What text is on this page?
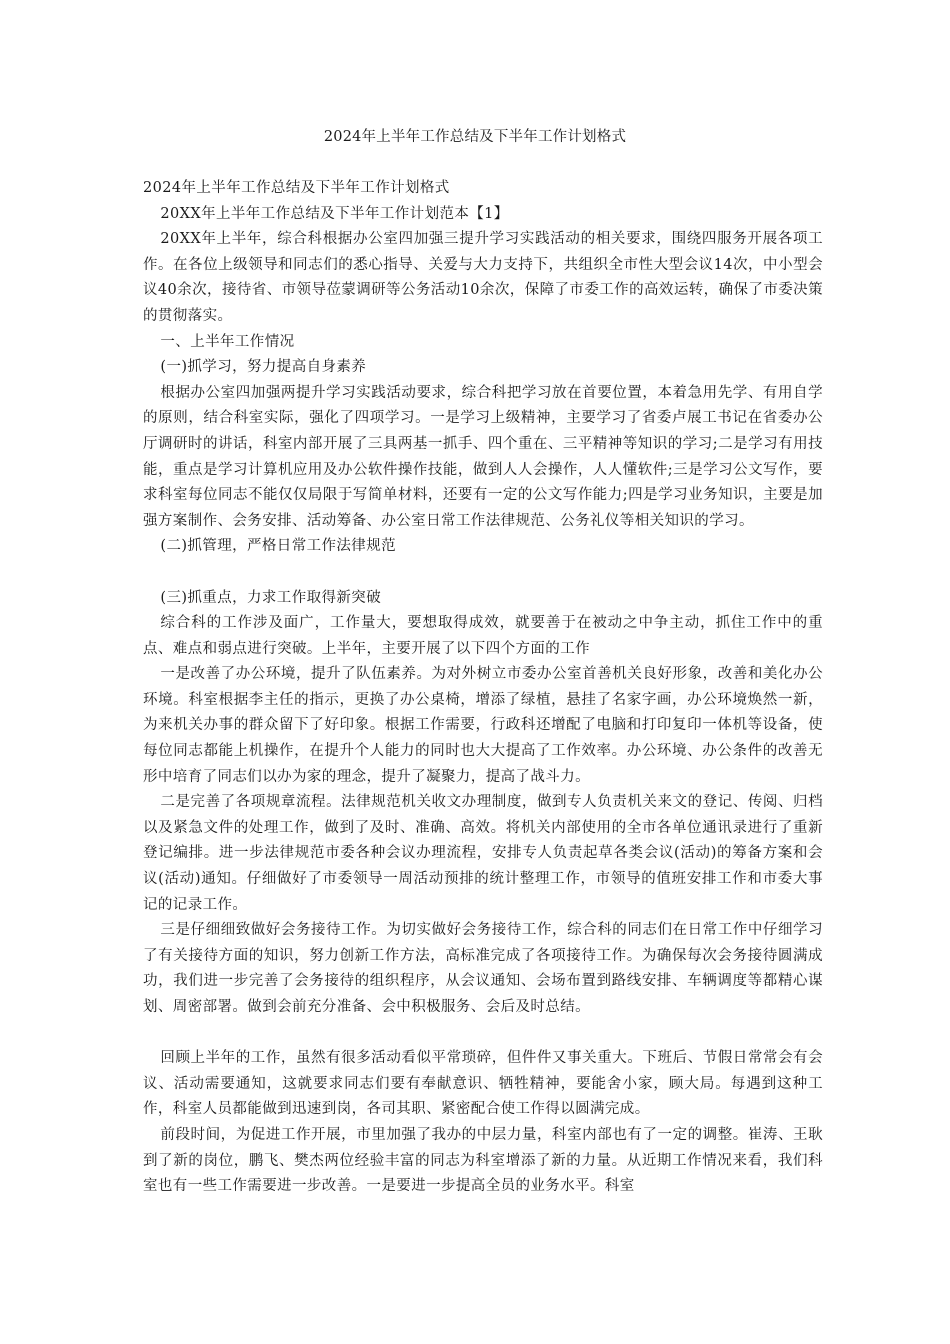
2024年上半年工作总结及下半年工作计划格式

2024年上半年工作总结及下半年工作计划格式

20XX年上半年工作总结及下半年工作计划范本【1】

20XX年上半年，综合科根据办公室四加强三提升学习实践活动的相关要求，围绕四服务开展各项工作。在各位上级领导和同志们的悉心指导、关爱与大力支持下，共组织全市性大型会议14次，中小型会议40余次，接待省、市领导莅蒙调研等公务活动10余次，保障了市委工作的高效运转，确保了市委决策的贯彻落实。

一、上半年工作情况

(一)抓学习，努力提高自身素养

根据办公室四加强两提升学习实践活动要求，综合科把学习放在首要位置，本着急用先学、有用自学的原则，结合科室实际，强化了四项学习。一是学习上级精神，主要学习了省委卢展工书记在省委办公厅调研时的讲话，科室内部开展了三具两基一抓手、四个重在、三平精神等知识的学习;二是学习有用技能，重点是学习计算机应用及办公软件操作技能，做到人人会操作，人人懂软件;三是学习公文写作，要求科室每位同志不能仅仅局限于写简单材料，还要有一定的公文写作能力;四是学习业务知识，主要是加强方案制作、会务安排、活动筹备、办公室日常工作法律规范、公务礼仪等相关知识的学习。

(二)抓管理，严格日常工作法律规范

(三)抓重点，力求工作取得新突破

综合科的工作涉及面广，工作量大，要想取得成效，就要善于在被动之中争主动，抓住工作中的重点、难点和弱点进行突破。上半年，主要开展了以下四个方面的工作

一是改善了办公环境，提升了队伍素养。为对外树立市委办公室首善机关良好形象，改善和美化办公环境。科室根据李主任的指示，更换了办公桌椅，增添了绿植，悬挂了名家字画，办公环境焕然一新，为来机关办事的群众留下了好印象。根据工作需要，行政科还增配了电脑和打印复印一体机等设备，使每位同志都能上机操作，在提升个人能力的同时也大大提高了工作效率。办公环境、办公条件的改善无形中培育了同志们以办为家的理念，提升了凝聚力，提高了战斗力。

二是完善了各项规章流程。法律规范机关收文办理制度，做到专人负责机关来文的登记、传阅、归档以及紧急文件的处理工作，做到了及时、准确、高效。将机关内部使用的全市各单位通讯录进行了重新登记编排。进一步法律规范市委各种会议办理流程，安排专人负责起草各类会议(活动)的筹备方案和会议(活动)通知。仔细做好了市委领导一周活动预排的统计整理工作，市领导的值班安排工作和市委大事记的记录工作。

三是仔细细致做好会务接待工作。为切实做好会务接待工作，综合科的同志们在日常工作中仔细学习了有关接待方面的知识，努力创新工作方法，高标准完成了各项接待工作。为确保每次会务接待圆满成功，我们进一步完善了会务接待的组织程序，从会议通知、会场布置到路线安排、车辆调度等都精心谋划、周密部署。做到会前充分准备、会中积极服务、会后及时总结。

回顾上半年的工作，虽然有很多活动看似平常琐碎，但件件又事关重大。下班后、节假日常常会有会议、活动需要通知，这就要求同志们要有奉献意识、牺牲精神，要能舍小家，顾大局。每遇到这种工作，科室人员都能做到迅速到岗，各司其职、紧密配合使工作得以圆满完成。

前段时间，为促进工作开展，市里加强了我办的中层力量，科室内部也有了一定的调整。崔涛、王耿到了新的岗位，鹏飞、樊杰两位经验丰富的同志为科室增添了新的力量。从近期工作情况来看，我们科室也有一些工作需要进一步改善。一是要进一步提高全员的业务水平。科室
